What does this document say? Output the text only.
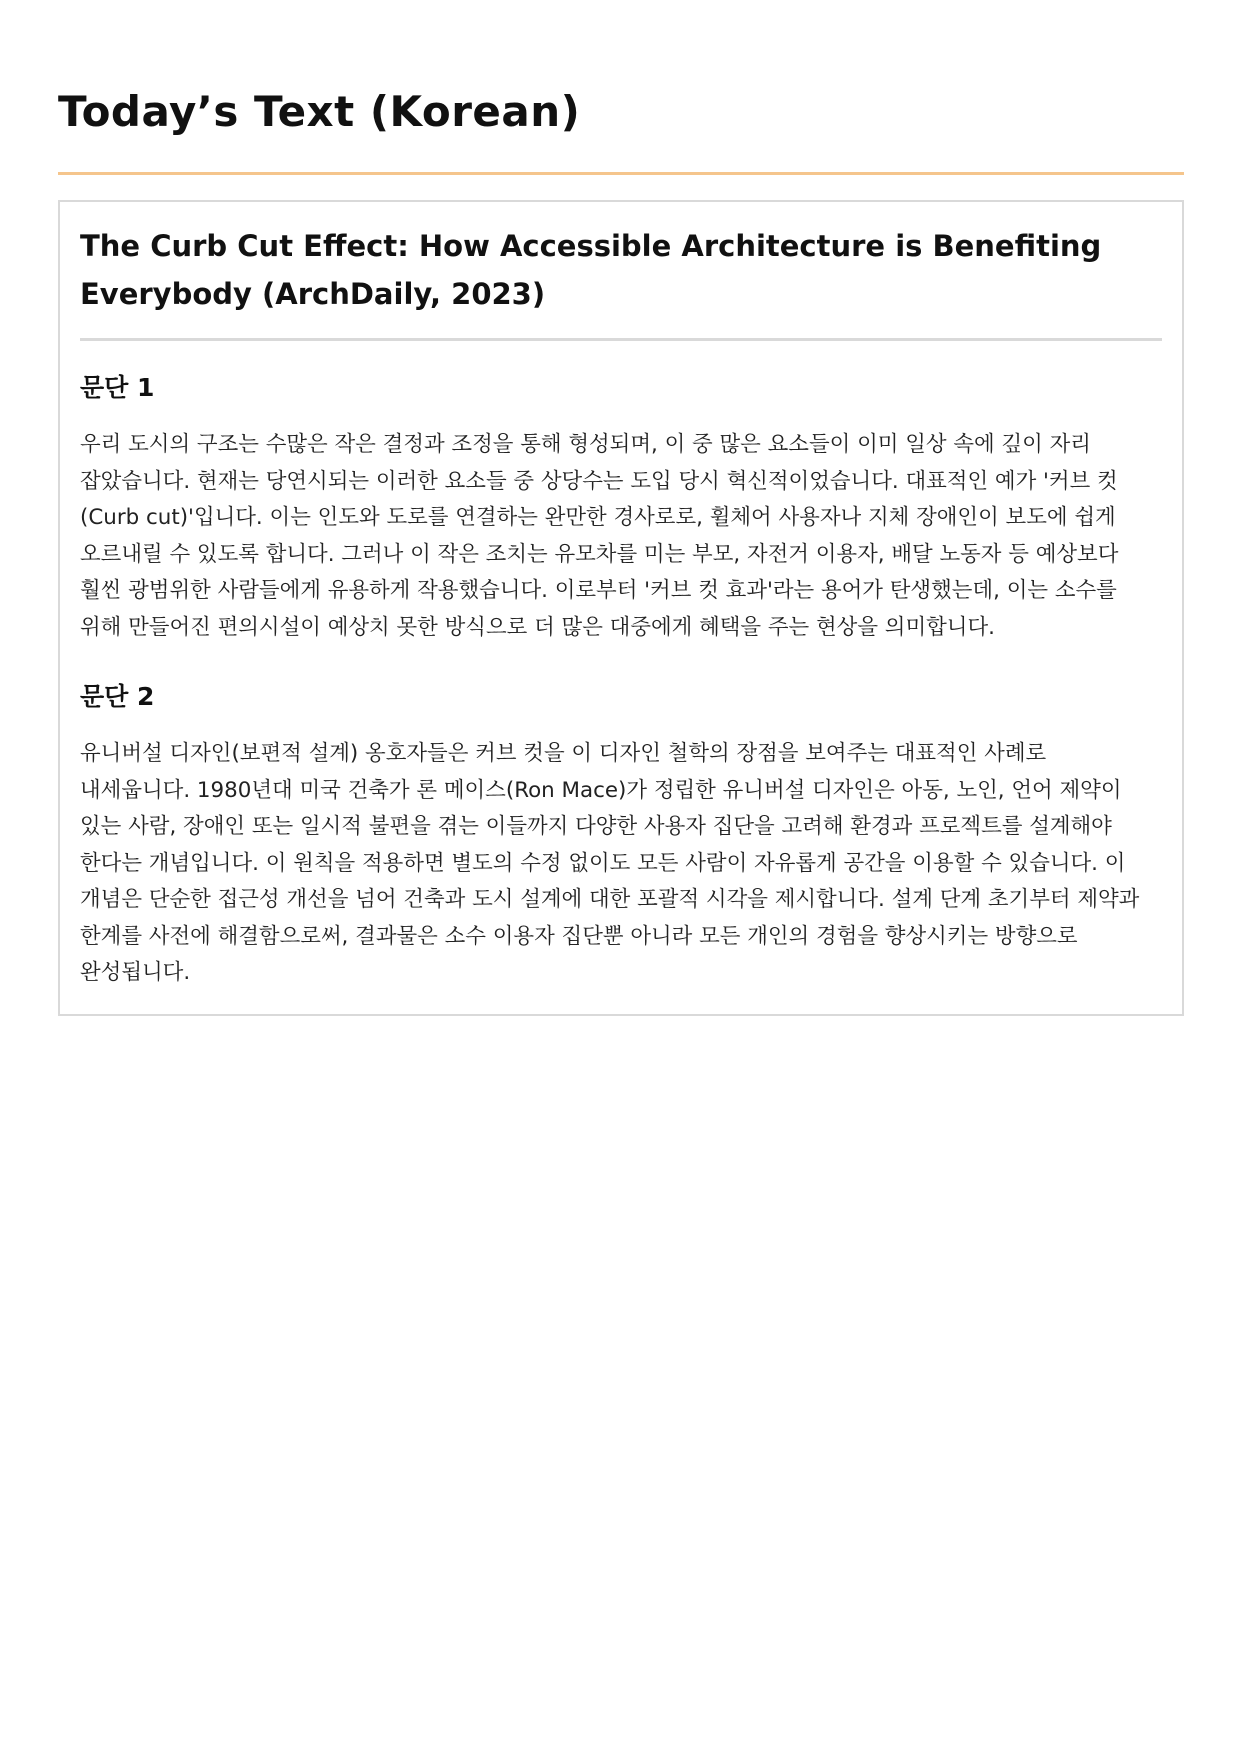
Today’s Text (Korean)
The Curb Cut Effect: How Accessible Architecture is Benefiting Everybody (ArchDaily, 2023)
문단 1

우리 도시의 구조는 수많은 작은 결정과 조정을 통해 형성되며, 이 중 많은 요소들이 이미 일상 속에 깊이 자리 잡았습니다. 현재는 당연시되는 이러한 요소들 중 상당수는 도입 당시 혁신적이었습니다. 대표적인 예가 '커브 컷(Curb cut)'입니다. 이는 인도와 도로를 연결하는 완만한 경사로로, 휠체어 사용자나 지체 장애인이 보도에 쉽게 오르내릴 수 있도록 합니다. 그러나 이 작은 조치는 유모차를 미는 부모, 자전거 이용자, 배달 노동자 등 예상보다 훨씬 광범위한 사람들에게 유용하게 작용했습니다. 이로부터 '커브 컷 효과'라는 용어가 탄생했는데, 이는 소수를 위해 만들어진 편의시설이 예상치 못한 방식으로 더 많은 대중에게 혜택을 주는 현상을 의미합니다.

문단 2

유니버설 디자인(보편적 설계) 옹호자들은 커브 컷을 이 디자인 철학의 장점을 보여주는 대표적인 사례로 내세웁니다. 1980년대 미국 건축가 론 메이스(Ron Mace)가 정립한 유니버설 디자인은 아동, 노인, 언어 제약이 있는 사람, 장애인 또는 일시적 불편을 겪는 이들까지 다양한 사용자 집단을 고려해 환경과 프로젝트를 설계해야 한다는 개념입니다. 이 원칙을 적용하면 별도의 수정 없이도 모든 사람이 자유롭게 공간을 이용할 수 있습니다. 이 개념은 단순한 접근성 개선을 넘어 건축과 도시 설계에 대한 포괄적 시각을 제시합니다. 설계 단계 초기부터 제약과 한계를 사전에 해결함으로써, 결과물은 소수 이용자 집단뿐 아니라 모든 개인의 경험을 향상시키는 방향으로 완성됩니다.
